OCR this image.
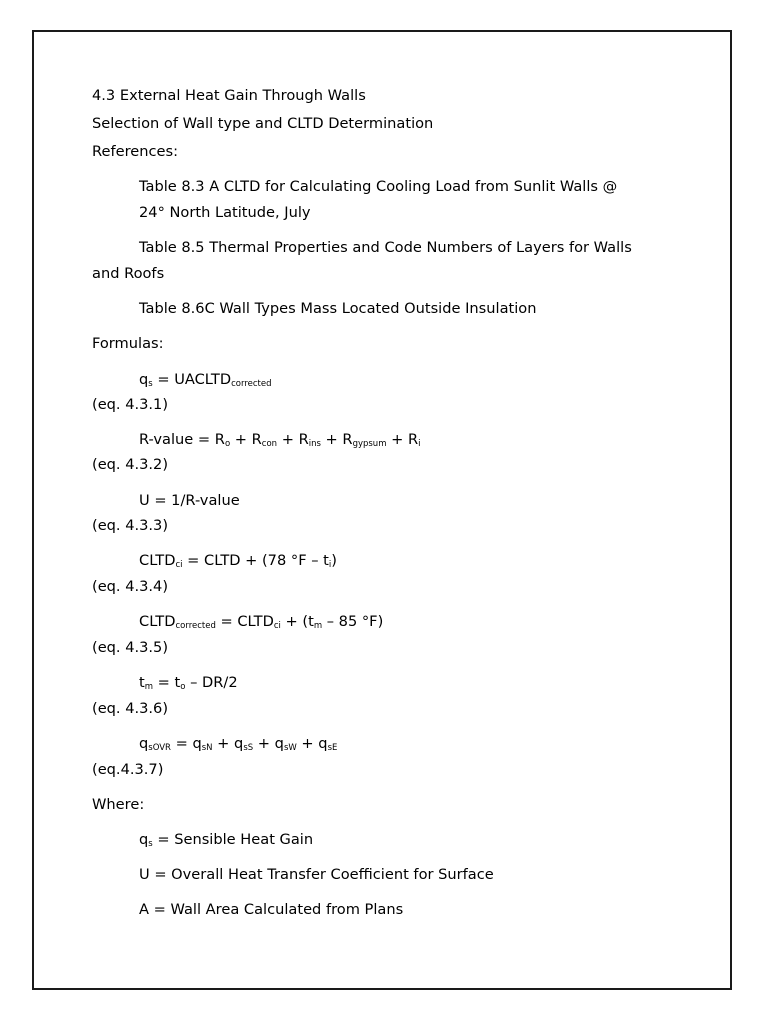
4.3 External Heat Gain Through Walls

Selection of Wall type and CLTD Determination

References:

Table 8.3 A CLTD for Calculating Cooling Load from Sunlit Walls @

24° North Latitude, July

Table 8.5 Thermal Properties and Code Numbers of Layers for Walls

and Roofs

Table 8.6C Wall Types Mass Located Outside Insulation

Formulas:

$q_s$ = $UACLTD_{corrected}$

(eq. 4.3.1)

R-value = $R_o + R_{con} + R_{ins} + R_{gypsum} + R_i$

(eq. 4.3.2)

U = 1/R-value

(eq. 4.3.3)

$CLTD_{ci}$ = CLTD + (78 $^\circ F - t_i$)

(eq. 4.3.4)

$CLTD_{corrected}$ = $CLTD_{ci} + (t_m - 85$ °F)

(eq. 4.3.5)

$t_m = t_o - DR/2$

(eq. 4.3.6)

$q_{sOVR} = q_{sN} + q_{sS} + q_{sW} + q_{sE}$

(eq.4.3.7)

Where:

$q_s$ = Sensible Heat Gain

U = Overall Heat Transfer Coefficient for Surface

A = Wall Area Calculated from Plans
